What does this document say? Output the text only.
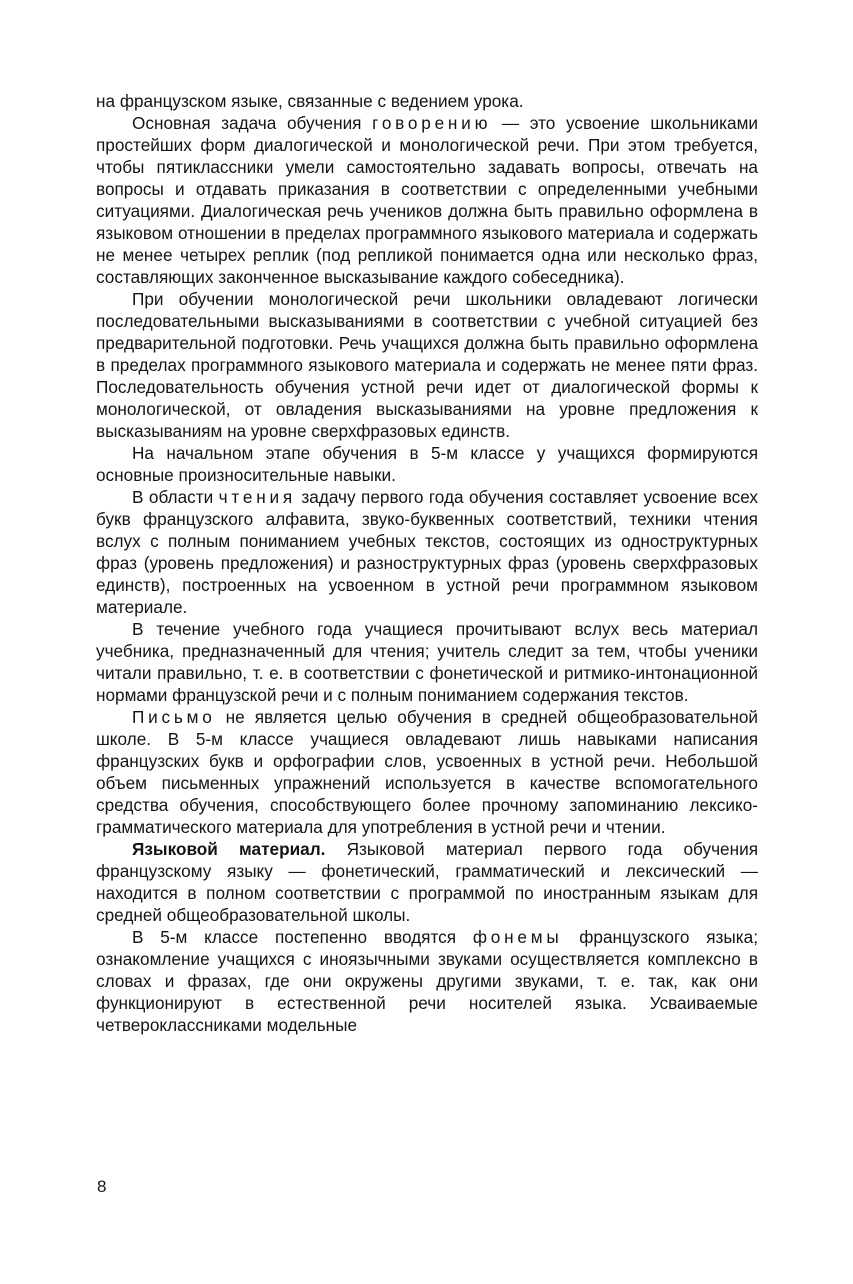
на французском языке, связанные с ведением урока.

Основная задача обучения говорению — это усвоение школьниками простейших форм диалогической и монологической речи. При этом требуется, чтобы пятиклассники умели самостоятельно задавать вопросы, отвечать на вопросы и отдавать приказания в соответствии с определенными учебными ситуациями. Диалогическая речь учеников должна быть правильно оформлена в языковом отношении в пределах программного языкового материала и содержать не менее четырех реплик (под репликой понимается одна или несколько фраз, составляющих законченное высказывание каждого собеседника).

При обучении монологической речи школьники овладевают логически последовательными высказываниями в соответствии с учебной ситуацией без предварительной подготовки. Речь учащихся должна быть правильно оформлена в пределах программного языкового материала и содержать не менее пяти фраз. Последовательность обучения устной речи идет от диалогической формы к монологической, от овладения высказываниями на уровне предложения к высказываниям на уровне сверхфразовых единств.

На начальном этапе обучения в 5-м классе у учащихся формируются основные произносительные навыки.

В области чтения задачу первого года обучения составляет усвоение всех букв французского алфавита, звуко-буквенных соответствий, техники чтения вслух с полным пониманием учебных текстов, состоящих из одноструктурных фраз (уровень предложения) и разноструктурных фраз (уровень сверхфразовых единств), построенных на усвоенном в устной речи программном языковом материале.

В течение учебного года учащиеся прочитывают вслух весь материал учебника, предназначенный для чтения; учитель следит за тем, чтобы ученики читали правильно, т. е. в соответствии с фонетической и ритмико-интонационной нормами французской речи и с полным пониманием содержания текстов.

Письмо не является целью обучения в средней общеобразовательной школе. В 5-м классе учащиеся овладевают лишь навыками написания французских букв и орфографии слов, усвоенных в устной речи. Небольшой объем письменных упражнений используется в качестве вспомогательного средства обучения, способствующего более прочному запоминанию лексико-грамматического материала для употребления в устной речи и чтении.

Языковой материал. Языковой материал первого года обучения французскому языку — фонетический, грамматический и лексический — находится в полном соответствии с программой по иностранным языкам для средней общеобразовательной школы.

В 5-м классе постепенно вводятся фонемы французского языка; ознакомление учащихся с иноязычными звуками осуществляется комплексно в словах и фразах, где они окружены другими звуками, т. е. так, как они функционируют в естественной речи носителей языка. Усваиваемые четвероклассниками модельные

8
